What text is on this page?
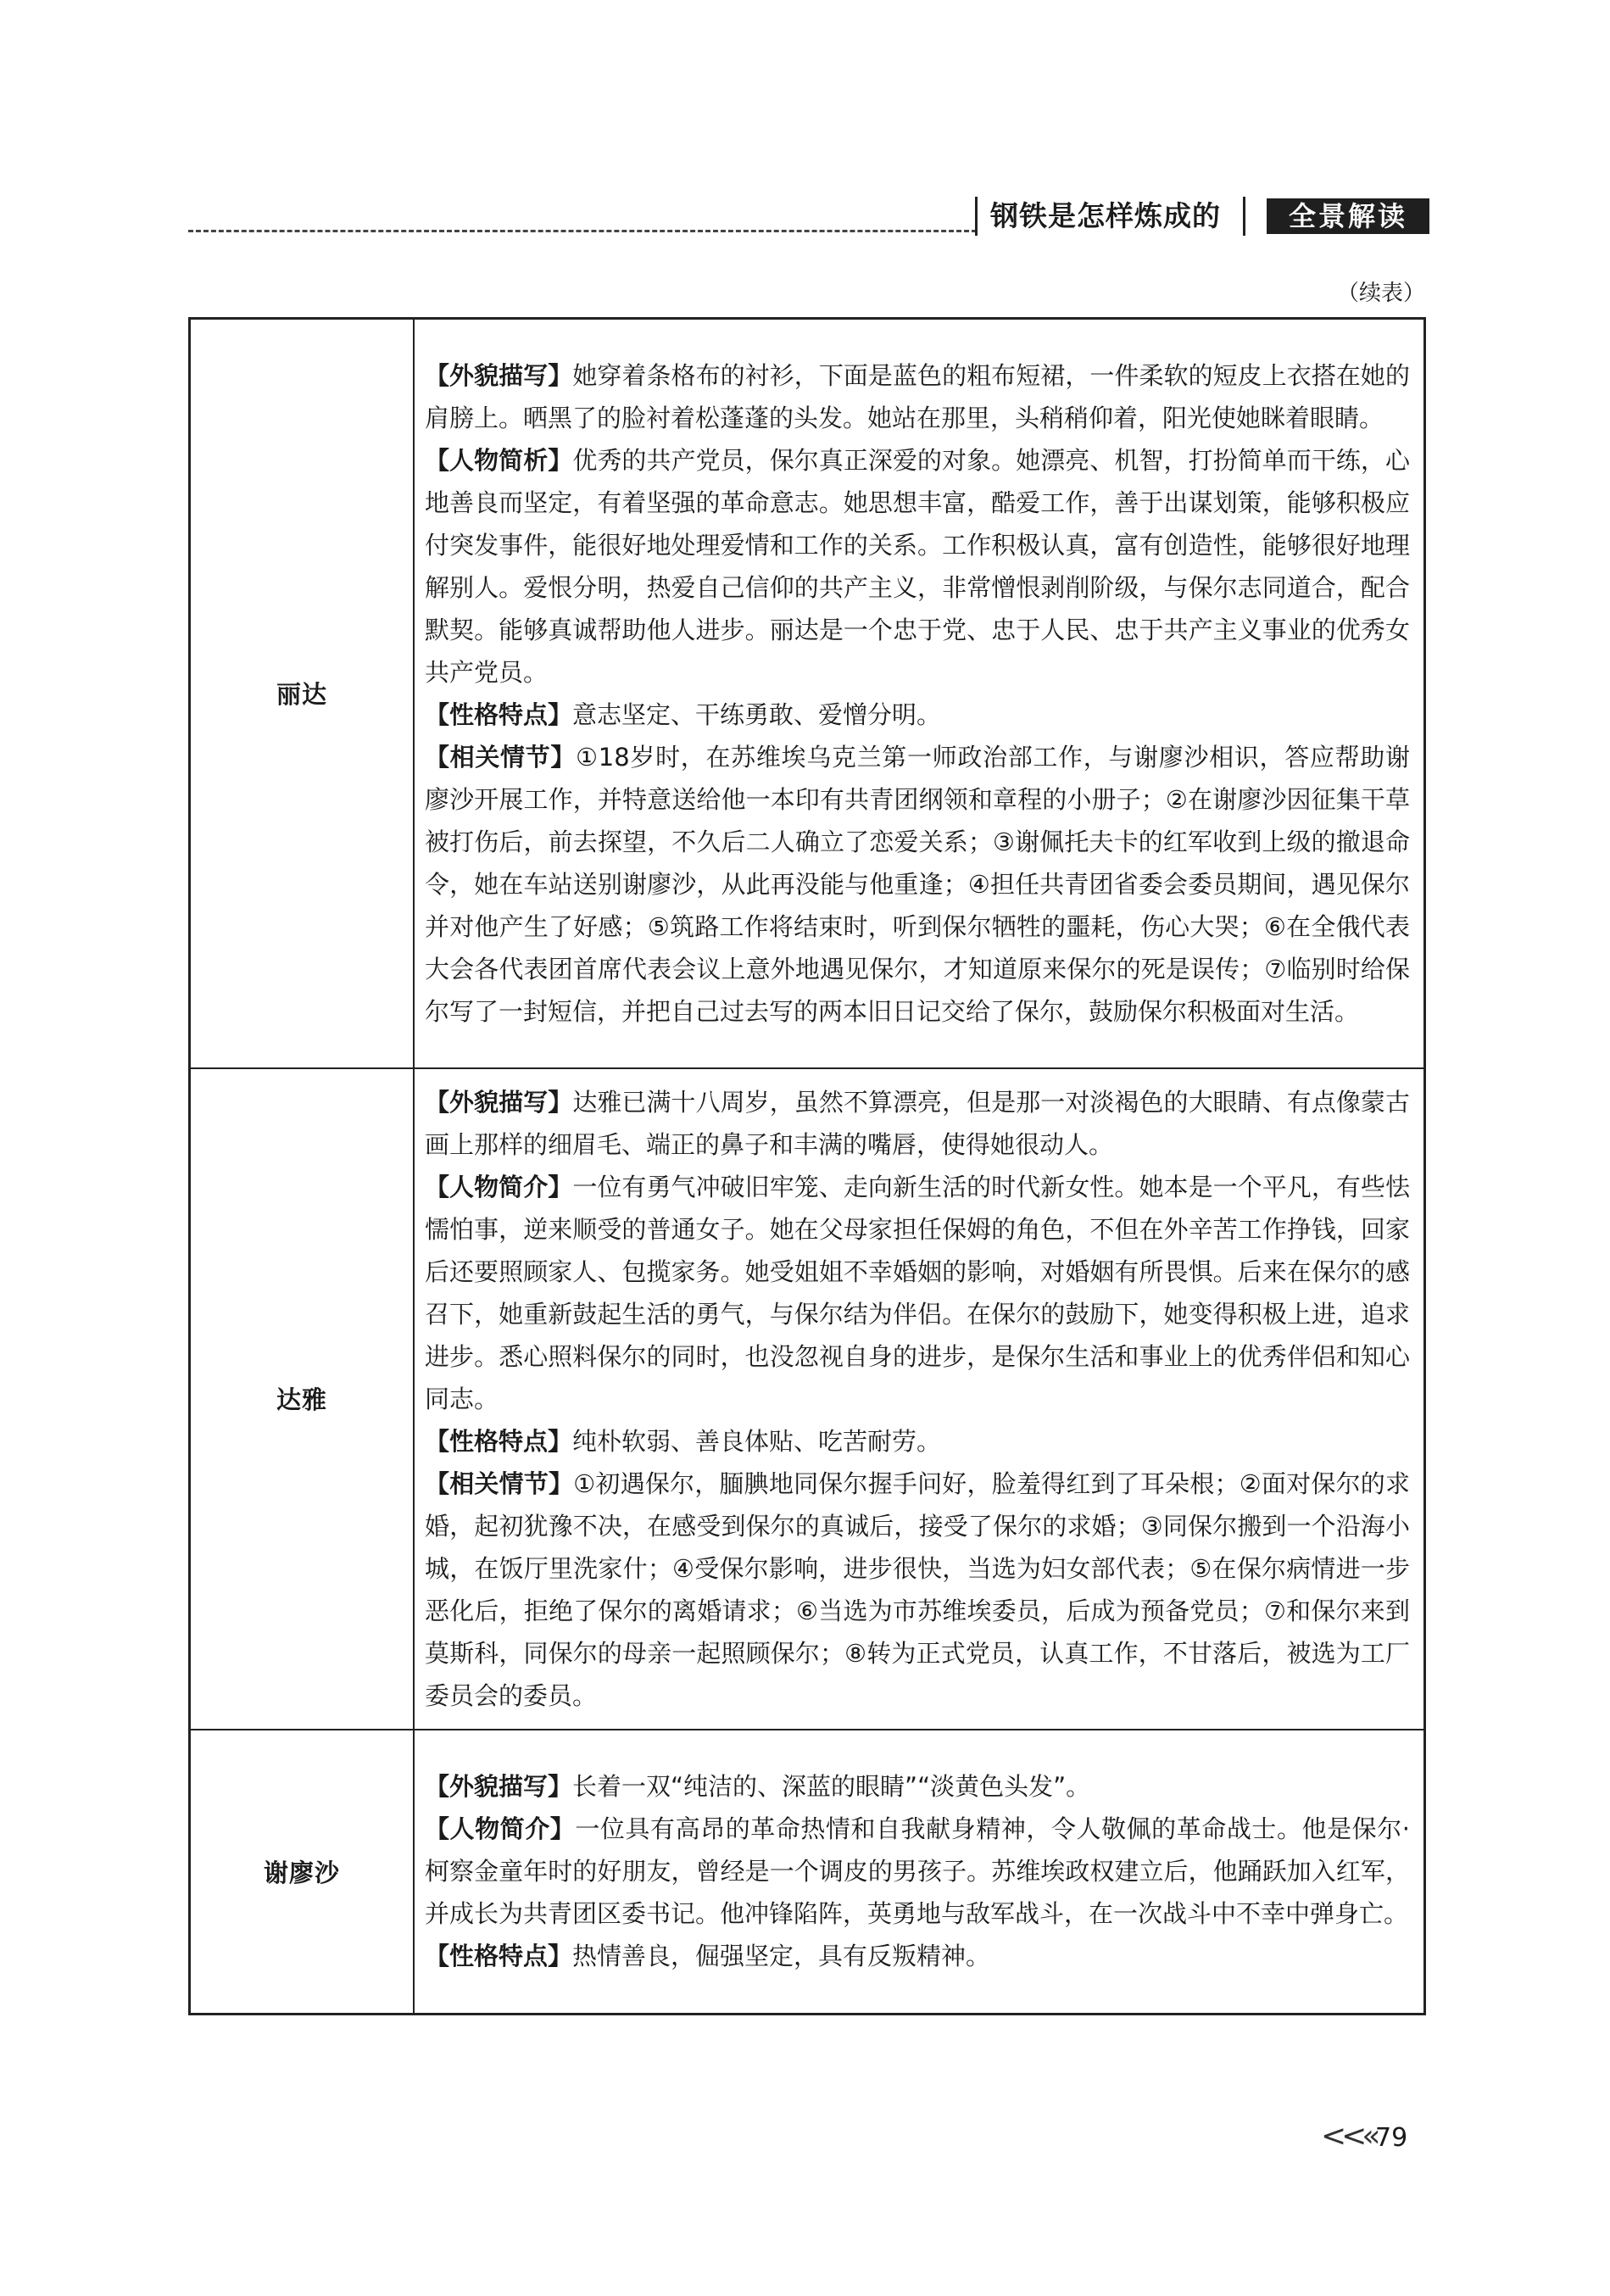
钢铁是怎样炼成的	全景解读
（续表）
丽达	【外貌描写】她穿着条格布的衬衫，下面是蓝色的粗布短裙，一件柔软的短皮上衣搭在她的肩膀上。晒黑了的脸衬着松蓬蓬的头发。她站在那里，头稍稍仰着，阳光使她眯着眼睛。

【人物简析】优秀的共产党员，保尔真正深爱的对象。她漂亮、机智，打扮简单而干练，心地善良而坚定，有着坚强的革命意志。她思想丰富，酷爱工作，善于出谋划策，能够积极应付突发事件，能很好地处理爱情和工作的关系。工作积极认真，富有创造性，能够很好地理解别人。爱恨分明，热爱自己信仰的共产主义，非常憎恨剥削阶级，与保尔志同道合，配合默契。能够真诚帮助他人进步。丽达是一个忠于党、忠于人民、忠于共产主义事业的优秀女共产党员。

【性格特点】意志坚定、干练勇敢、爱憎分明。

【相关情节】①18岁时，在苏维埃乌克兰第一师政治部工作，与谢廖沙相识，答应帮助谢廖沙开展工作，并特意送给他一本印有共青团纲领和章程的小册子；②在谢廖沙因征集干草被打伤后，前去探望，不久后二人确立了恋爱关系；③谢佩托夫卡的红军收到上级的撤退命令，她在车站送别谢廖沙，从此再没能与他重逢；④担任共青团省委会委员期间，遇见保尔并对他产生了好感；⑤筑路工作将结束时，听到保尔牺牲的噩耗，伤心大哭；⑥在全俄代表大会各代表团首席代表会议上意外地遇见保尔，才知道原来保尔的死是误传；⑦临别时给保尔写了一封短信，并把自己过去写的两本旧日记交给了保尔，鼓励保尔积极面对生活。

达雅	【外貌描写】达雅已满十八周岁，虽然不算漂亮，但是那一对淡褐色的大眼睛、有点像蒙古画上那样的细眉毛、端正的鼻子和丰满的嘴唇，使得她很动人。

【人物简介】一位有勇气冲破旧牢笼、走向新生活的时代新女性。她本是一个平凡，有些怯懦怕事，逆来顺受的普通女子。她在父母家担任保姆的角色，不但在外辛苦工作挣钱，回家后还要照顾家人、包揽家务。她受姐姐不幸婚姻的影响，对婚姻有所畏惧。后来在保尔的感召下，她重新鼓起生活的勇气，与保尔结为伴侣。在保尔的鼓励下，她变得积极上进，追求进步。悉心照料保尔的同时，也没忽视自身的进步，是保尔生活和事业上的优秀伴侣和知心同志。

【性格特点】纯朴软弱、善良体贴、吃苦耐劳。

【相关情节】①初遇保尔，腼腆地同保尔握手问好，脸羞得红到了耳朵根；②面对保尔的求婚，起初犹豫不决，在感受到保尔的真诚后，接受了保尔的求婚；③同保尔搬到一个沿海小城，在饭厅里洗家什；④受保尔影响，进步很快，当选为妇女部代表；⑤在保尔病情进一步恶化后，拒绝了保尔的离婚请求；⑥当选为市苏维埃委员，后成为预备党员；⑦和保尔来到莫斯科，同保尔的母亲一起照顾保尔；⑧转为正式党员，认真工作，不甘落后，被选为工厂委员会的委员。

谢廖沙	【外貌描写】长着一双“纯洁的、深蓝的眼睛”“淡黄色头发”。

【人物简介】一位具有高昂的革命热情和自我献身精神，令人敬佩的革命战士。他是保尔·柯察金童年时的好朋友，曾经是一个调皮的男孩子。苏维埃政权建立后，他踊跃加入红军，并成长为共青团区委书记。他冲锋陷阵，英勇地与敌军战斗，在一次战斗中不幸中弹身亡。

【性格特点】热情善良，倔强坚定，具有反叛精神。

<<« 79
